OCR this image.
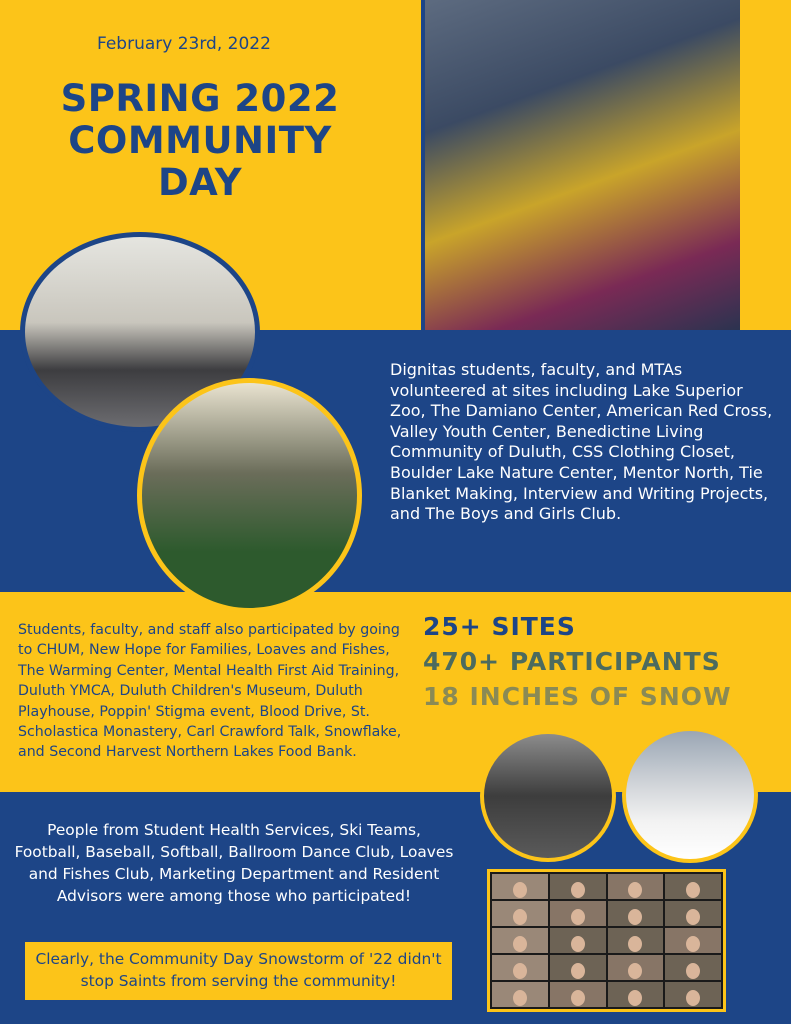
February 23rd, 2022
SPRING 2022
COMMUNITY
DAY

Dignitas students, faculty, and MTAs volunteered at sites including Lake Superior Zoo, The Damiano Center, American Red Cross, Valley Youth Center, Benedictine Living Community of Duluth, CSS Clothing Closet, Boulder Lake Nature Center, Mentor North, Tie Blanket Making, Interview and Writing Projects, and The Boys and Girls Club.

Students, faculty, and staff also participated by going to CHUM, New Hope for Families, Loaves and Fishes, The Warming Center, Mental Health First Aid Training, Duluth YMCA, Duluth Children's Museum, Duluth Playhouse, Poppin' Stigma event, Blood Drive, St. Scholastica Monastery, Carl Crawford Talk, Snowflake, and Second Harvest Northern Lakes Food Bank.

25+ SITES
470+ PARTICIPANTS
18 INCHES OF SNOW

People from Student Health Services, Ski Teams, Football, Baseball, Softball, Ballroom Dance Club, Loaves and Fishes Club, Marketing Department and Resident Advisors were among those who participated!

Clearly, the Community Day Snowstorm of '22 didn't stop Saints from serving the community!
